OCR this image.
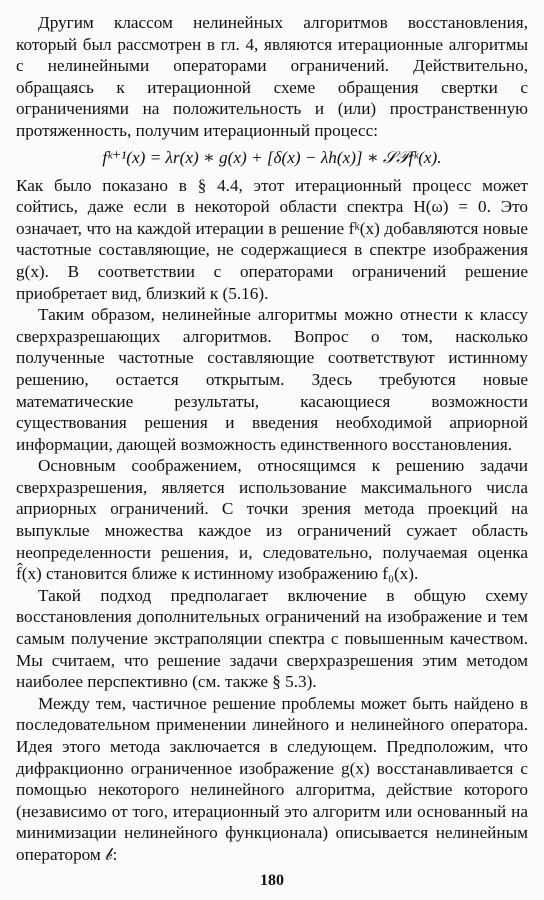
Другим классом нелинейных алгоритмов восстановления, который был рассмотрен в гл. 4, являются итерационные алгоритмы с нелинейными операторами ограничений. Действительно, обращаясь к итерационной схеме обращения свертки с ограничениями на положительность и (или) пространственную протяженность, получим итерационный процесс:

fᵏ⁺¹(x) = λr(x) ∗ g(x) + [δ(x) − λh(x)] ∗ 𝒮𝒫fᵏ(x).

Как было показано в § 4.4, этот итерационный процесс может сойтись, даже если в некоторой области спектра H(ω) = 0. Это означает, что на каждой итерации в решение fᵏ(x) добавляются новые частотные составляющие, не содержащиеся в спектре изображения g(x). В соответствии с операторами ограничений решение приобретает вид, близкий к (5.16).

Таким образом, нелинейные алгоритмы можно отнести к классу сверхразрешающих алгоритмов. Вопрос о том, насколько полученные частотные составляющие соответствуют истинному решению, остается открытым. Здесь требуются новые математические результаты, касающиеся возможности существования решения и введения необходимой априорной информации, дающей возможность единственного восстановления.

Основным соображением, относящимся к решению задачи сверхразрешения, является использование максимального числа априорных ограничений. С точки зрения метода проекций на выпуклые множества каждое из ограничений сужает область неопределенности решения, и, следовательно, получаемая оценка f̂(x) становится ближе к истинному изображению f₀(x).

Такой подход предполагает включение в общую схему восстановления дополнительных ограничений на изображение и тем самым получение экстраполяции спектра с повышенным качеством. Мы считаем, что решение задачи сверхразрешения этим методом наиболее перспективно (см. также § 5.3).

Между тем, частичное решение проблемы может быть найдено в последовательном применении линейного и нелинейного оператора. Идея этого метода заключается в следующем. Предположим, что дифракционно ограниченное изображение g(x) восстанавливается с помощью некоторого нелинейного алгоритма, действие которого (независимо от того, итерационный это алгоритм или основанный на минимизации нелинейного функционала) описывается нелинейным оператором 𝒷:

180
